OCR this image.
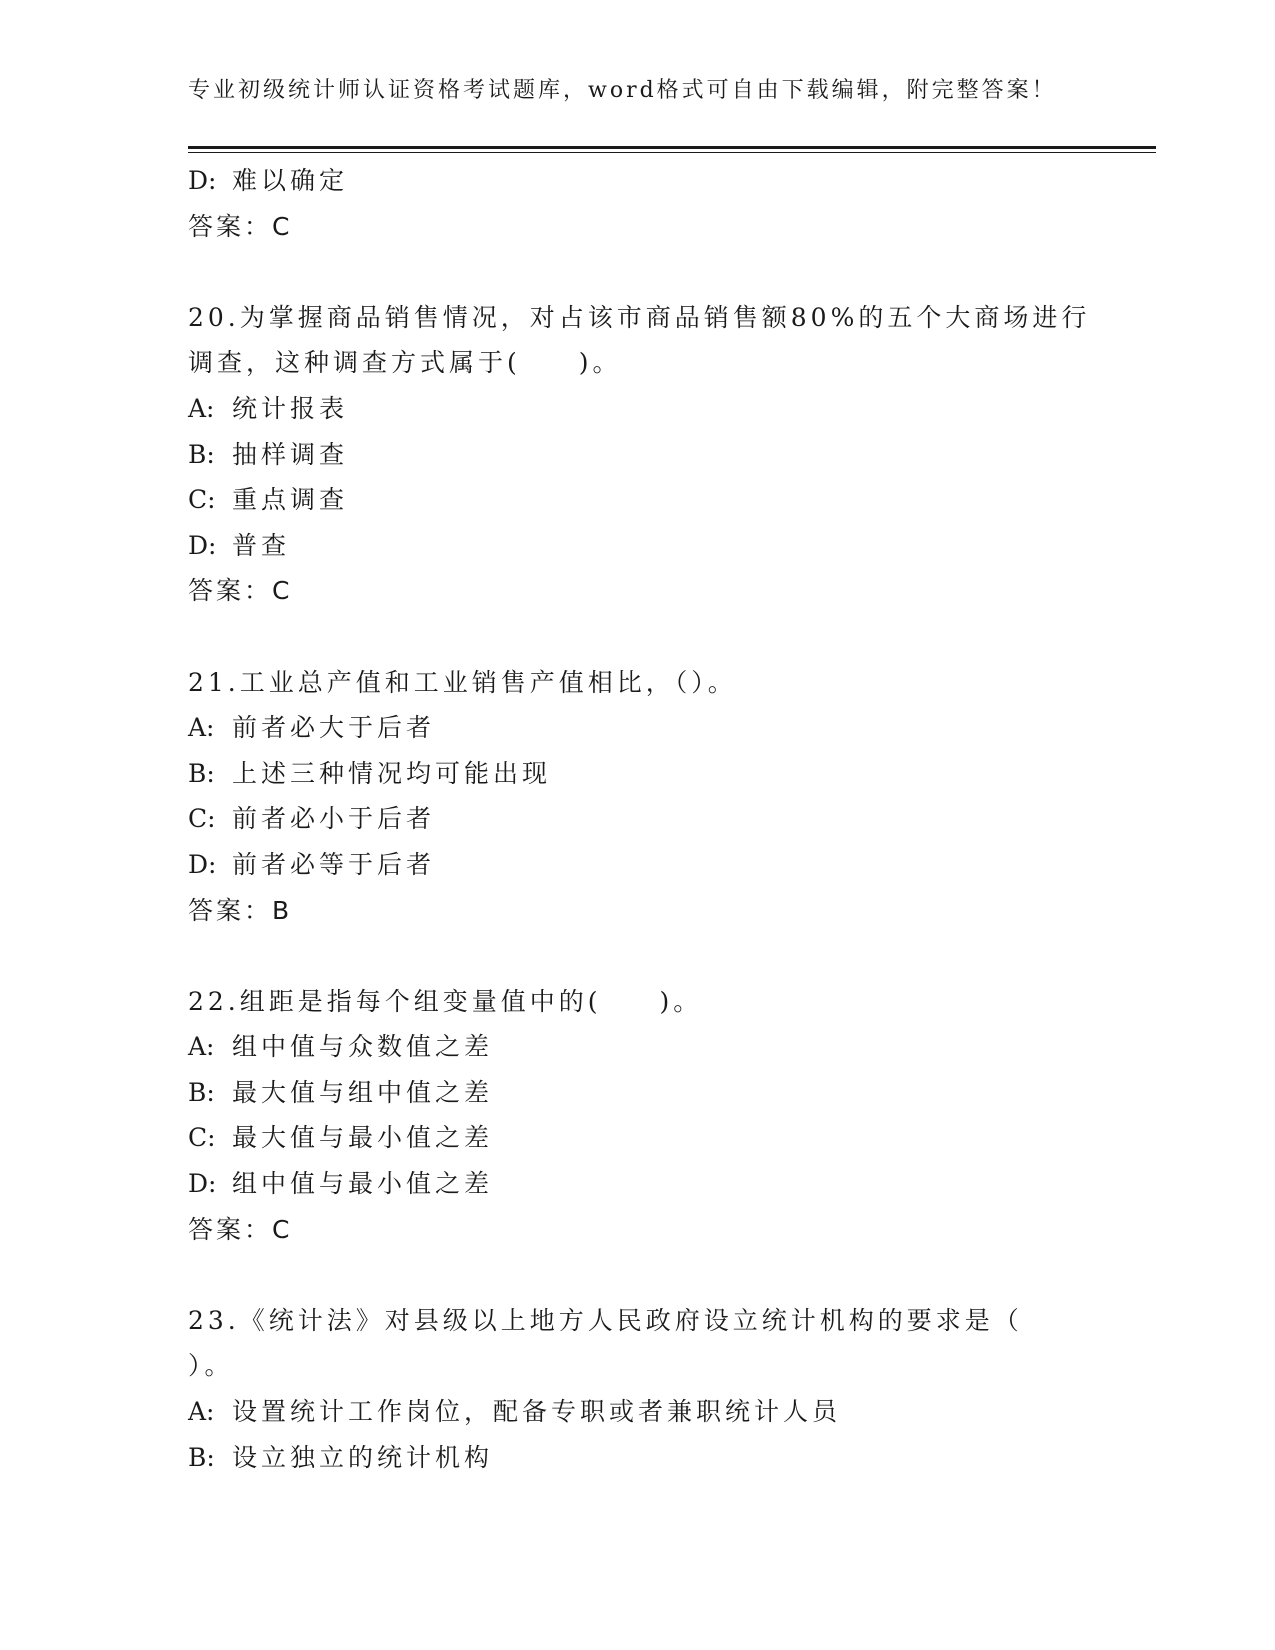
专业初级统计师认证资格考试题库，word格式可自由下载编辑，附完整答案！
D: 难以确定
答案：C
20.为掌握商品销售情况，对占该市商品销售额80%的五个大商场进行
调查，这种调查方式属于(　　)。
A: 统计报表
B: 抽样调查
C: 重点调查
D: 普查
答案：C
21.工业总产值和工业销售产值相比，（）。
A: 前者必大于后者
B: 上述三种情况均可能出现
C: 前者必小于后者
D: 前者必等于后者
答案：B
22.组距是指每个组变量值中的(　　)。
A: 组中值与众数值之差
B: 最大值与组中值之差
C: 最大值与最小值之差
D: 组中值与最小值之差
答案：C
23.《统计法》对县级以上地方人民政府设立统计机构的要求是（
）。
A: 设置统计工作岗位，配备专职或者兼职统计人员
B: 设立独立的统计机构
